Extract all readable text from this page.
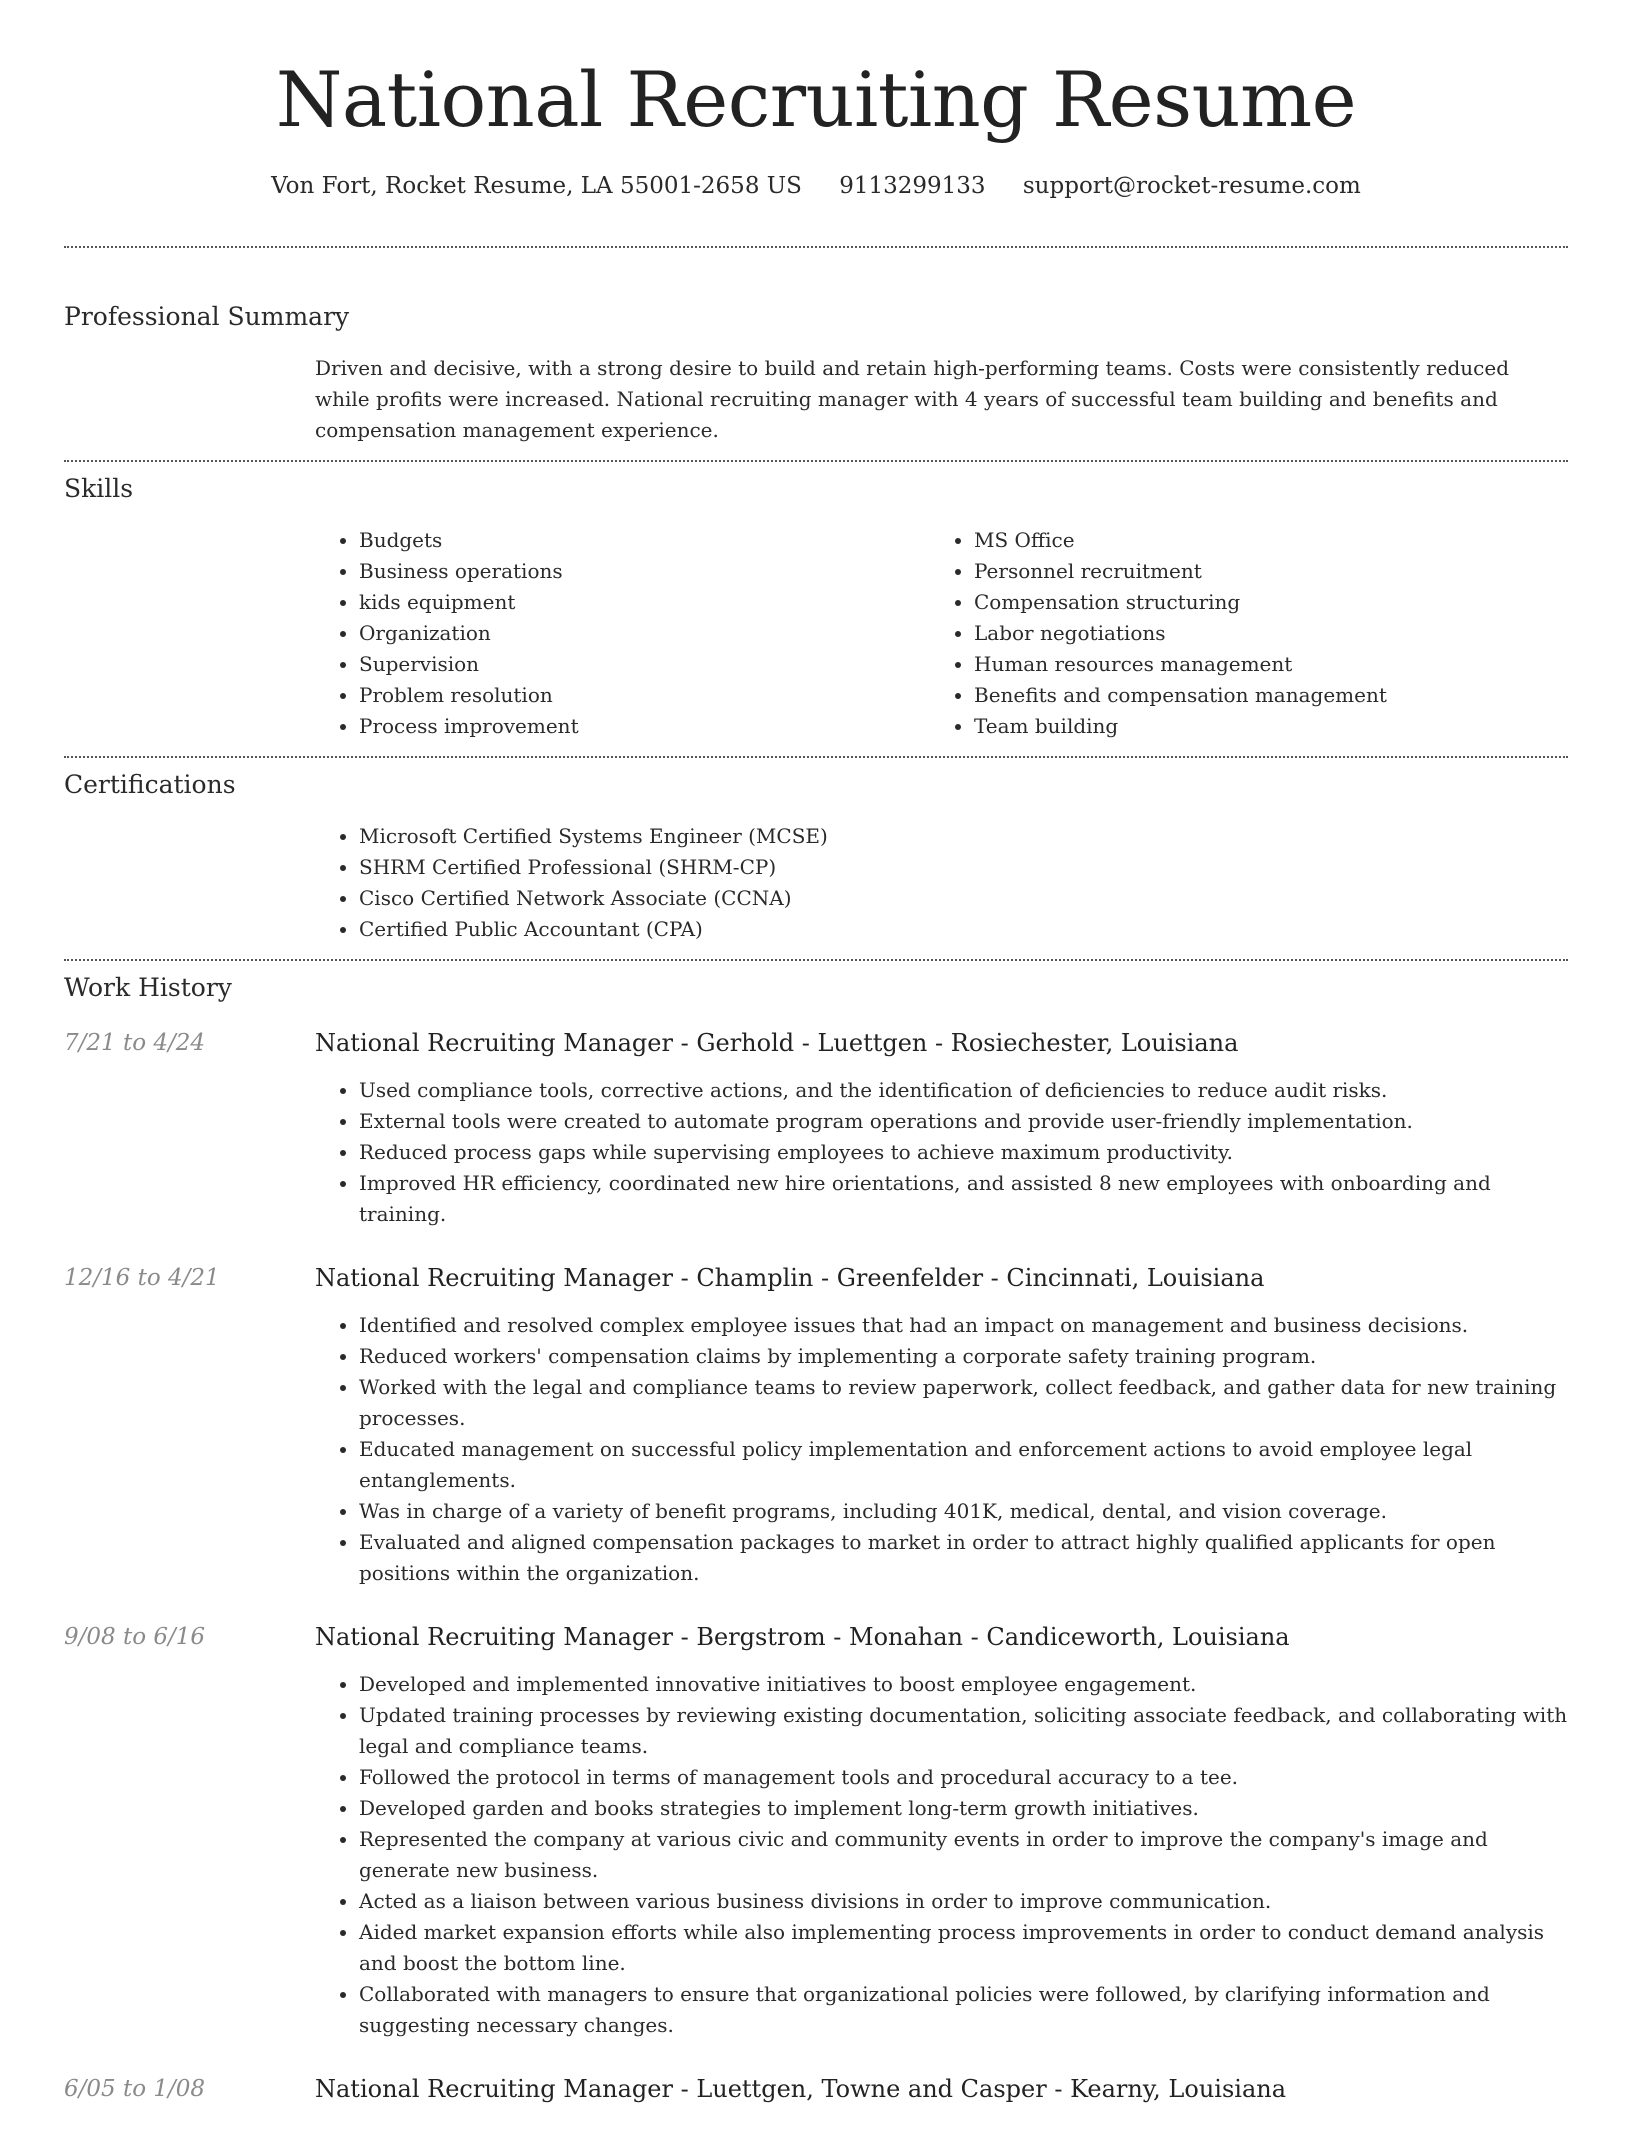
National Recruiting Resume
Von Fort, Rocket Resume, LA 55001-2658 US 9113299133 support@rocket-resume.com
Professional Summary

Driven and decisive, with a strong desire to build and retain high-performing teams. Costs were consistently reduced while profits were increased. National recruiting manager with 4 years of successful team building and benefits and compensation management experience.

Skills
• Budgets
• Business operations
• kids equipment
• Organization
• Supervision
• Problem resolution
• Process improvement
• MS Office
• Personnel recruitment
• Compensation structuring
• Labor negotiations
• Human resources management
• Benefits and compensation management
• Team building
Certifications
• Microsoft Certified Systems Engineer (MCSE)
• SHRM Certified Professional (SHRM-CP)
• Cisco Certified Network Associate (CCNA)
• Certified Public Accountant (CPA)
Work History
7/21 to 4/24	National Recruiting Manager - Gerhold - Luettgen - Rosiechester, Louisiana
• Used compliance tools, corrective actions, and the identification of deficiencies to reduce audit risks.
• External tools were created to automate program operations and provide user-friendly implementation.
• Reduced process gaps while supervising employees to achieve maximum productivity.
• Improved HR efficiency, coordinated new hire orientations, and assisted 8 new employees with onboarding and training.
12/16 to 4/21	National Recruiting Manager - Champlin - Greenfelder - Cincinnati, Louisiana
• Identified and resolved complex employee issues that had an impact on management and business decisions.
• Reduced workers' compensation claims by implementing a corporate safety training program.
• Worked with the legal and compliance teams to review paperwork, collect feedback, and gather data for new training processes.
• Educated management on successful policy implementation and enforcement actions to avoid employee legal entanglements.
• Was in charge of a variety of benefit programs, including 401K, medical, dental, and vision coverage.
• Evaluated and aligned compensation packages to market in order to attract highly qualified applicants for open positions within the organization.
9/08 to 6/16	National Recruiting Manager - Bergstrom - Monahan - Candiceworth, Louisiana
• Developed and implemented innovative initiatives to boost employee engagement.
• Updated training processes by reviewing existing documentation, soliciting associate feedback, and collaborating with legal and compliance teams.
• Followed the protocol in terms of management tools and procedural accuracy to a tee.
• Developed garden and books strategies to implement long-term growth initiatives.
• Represented the company at various civic and community events in order to improve the company's image and generate new business.
• Acted as a liaison between various business divisions in order to improve communication.
• Aided market expansion efforts while also implementing process improvements in order to conduct demand analysis and boost the bottom line.
• Collaborated with managers to ensure that organizational policies were followed, by clarifying information and suggesting necessary changes.
6/05 to 1/08	National Recruiting Manager - Luettgen, Towne and Casper - Kearny, Louisiana
